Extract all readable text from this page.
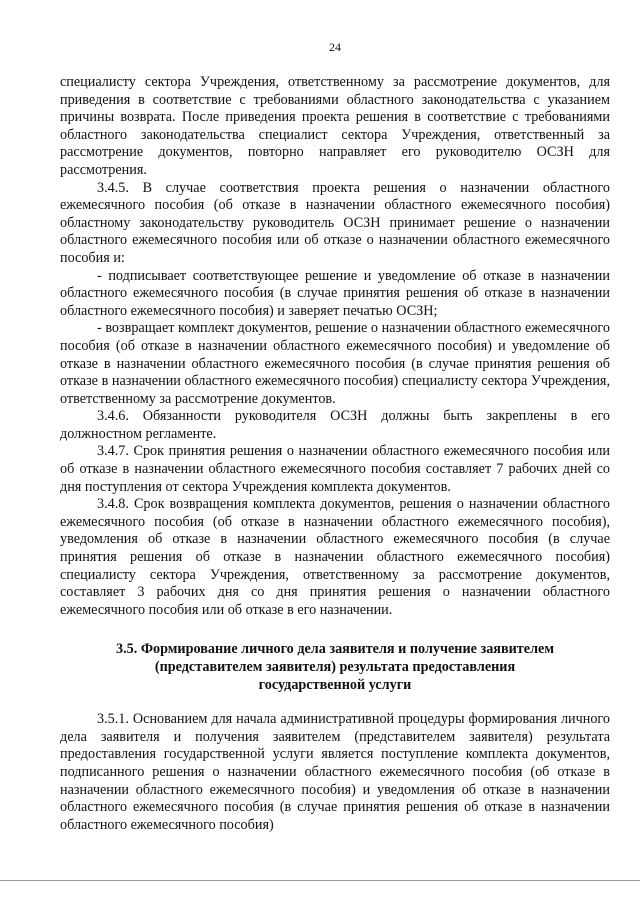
24

специалисту сектора Учреждения, ответственному за рассмотрение документов, для приведения в соответствие с требованиями областного законодательства с указанием причины возврата. После приведения проекта решения в соответствие с требованиями областного законодательства специалист сектора Учреждения, ответственный за рассмотрение документов, повторно направляет его руководителю ОСЗН для рассмотрения.

3.4.5. В случае соответствия проекта решения о назначении областного ежемесячного пособия (об отказе в назначении областного ежемесячного пособия) областному законодательству руководитель ОСЗН принимает решение о назначении областного ежемесячного пособия или об отказе о назначении областного ежемесячного пособия и:

- подписывает соответствующее решение и уведомление об отказе в назначении областного ежемесячного пособия (в случае принятия решения об отказе в назначении областного ежемесячного пособия) и заверяет печатью ОСЗН;

- возвращает комплект документов, решение о назначении областного ежемесячного пособия (об отказе в назначении областного ежемесячного пособия) и уведомление об отказе в назначении областного ежемесячного пособия (в случае принятия решения об отказе в назначении областного ежемесячного пособия) специалисту сектора Учреждения, ответственному за рассмотрение документов.

3.4.6. Обязанности руководителя ОСЗН должны быть закреплены в его должностном регламенте.

3.4.7. Срок принятия решения о назначении областного ежемесячного пособия или об отказе в назначении областного ежемесячного пособия составляет 7 рабочих дней со дня поступления от сектора Учреждения комплекта документов.

3.4.8. Срок возвращения комплекта документов, решения о назначении областного ежемесячного пособия (об отказе в назначении областного ежемесячного пособия), уведомления об отказе в назначении областного ежемесячного пособия (в случае принятия решения об отказе в назначении областного ежемесячного пособия) специалисту сектора Учреждения, ответственному за рассмотрение документов, составляет 3 рабочих дня со дня принятия решения о назначении областного ежемесячного пособия или об отказе в его назначении.

3.5. Формирование личного дела заявителя и получение заявителем
(представителем заявителя) результата предоставления
государственной услуги

3.5.1. Основанием для начала административной процедуры формирования личного дела заявителя и получения заявителем (представителем заявителя) результата предоставления государственной услуги является поступление комплекта документов, подписанного решения о назначении областного ежемесячного пособия (об отказе в назначении областного ежемесячного пособия) и уведомления об отказе в назначении областного ежемесячного пособия (в случае принятия решения об отказе в назначении областного ежемесячного пособия)
